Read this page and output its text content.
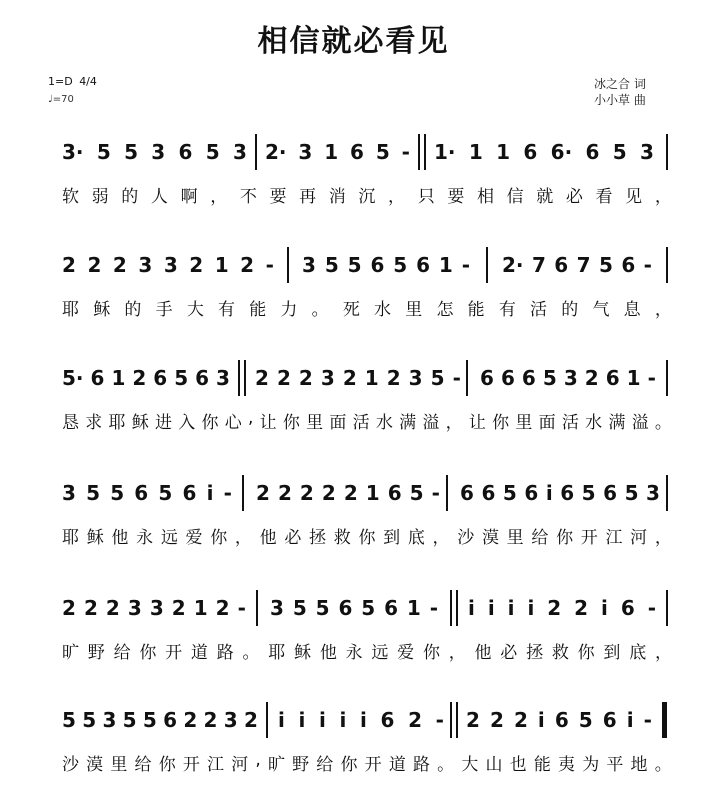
相信就必看见
1=D 4/4
♩=70
冰之合 词
小小草 曲
3· 5 5 3 6 5 3 2· 3 1 6 5 - 1· 1 1 6 6· 6 5 3
软 弱 的 人 啊 ， 不 要 再 消 沉 ， 只 要 相 信 就 必 看 见 ，
2 2 2 3 3 2 1 2 - 3 5 5 6 5 6 1 - 2· 7 6 7 5 6 -
耶 稣 的 手 大 有 能 力 。 死 水 里 怎 能 有 活 的 气 息 ，
5· 6 1 2 6 5 6 3 2 2 2 3 2 1 2 3 5 - 6 6 6 5 3 2 6 1 -
恳 求 耶 稣 进 入 你 心 , 让 你 里 面 活 水 满 溢 ， 让 你 里 面 活 水 满 溢 。
3 5 5 6 5 6 i - 2 2 2 2 2 1 6 5 - 6 6 5 6 i 6 5 6 5 3
耶 稣 他 永 远 爱 你 ， 他 必 拯 救 你 到 底 ， 沙 漠 里 给 你 开 江 河 ，
2 2 2 3 3 2 1 2 - 3 5 5 6 5 6 1 - i i i i 2 2 i 6 -
旷 野 给 你 开 道 路 。 耶 稣 他 永 远 爱 你 ， 他 必 拯 救 你 到 底 ，
5 5 3 5 5 6 2 2 3 2 i i i i i 6 2 - 2 2 2 i 6 5 6 i -
沙 漠 里 给 你 开 江 河 , 旷 野 给 你 开 道 路 。 大 山 也 能 夷 为 平 地 。
